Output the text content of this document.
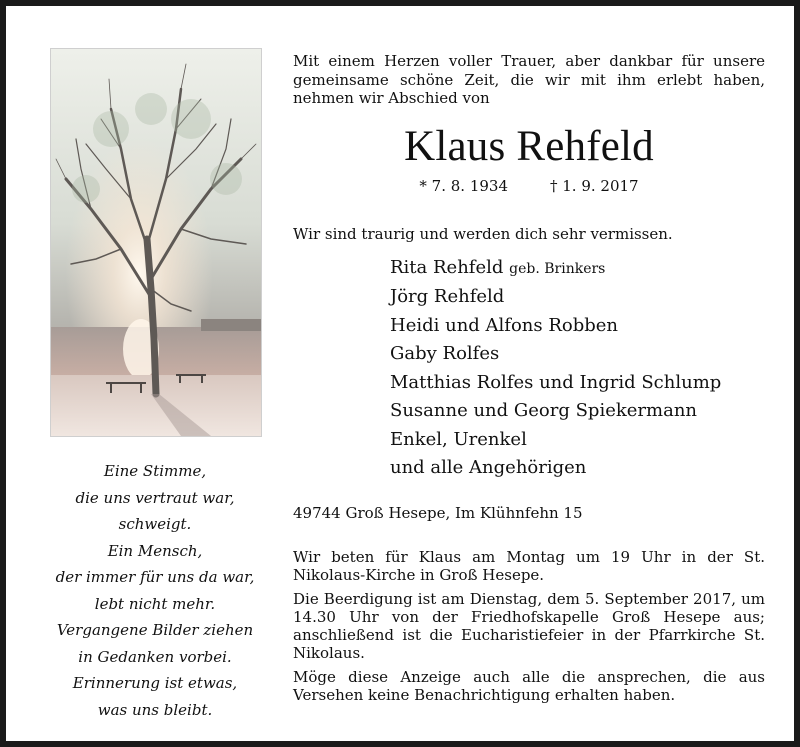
Eine Stimme,
die uns vertraut war,
schweigt.
Ein Mensch,
der immer für uns da war,
lebt nicht mehr.
Vergangene Bilder ziehen
in Gedanken vorbei.
Erinnerung ist etwas,
was uns bleibt.
Mit einem Herzen voller Trauer, aber dankbar für unsere gemeinsame schöne Zeit, die wir mit ihm erlebt haben, nehmen wir Abschied von
Klaus Rehfeld
* 7. 8. 1934	† 1. 9. 2017
Wir sind traurig und werden dich sehr vermissen.
Rita Rehfeld geb. Brinkers
Jörg Rehfeld
Heidi und Alfons Robben
Gaby Rolfes
Matthias Rolfes und Ingrid Schlump
Susanne und Georg Spiekermann
Enkel, Urenkel
und alle Angehörigen
49744 Groß Hesepe, Im Klühnfehn 15
Wir beten für Klaus am Montag um 19 Uhr in der St. Nikolaus-Kirche in Groß Hesepe.
Die Beerdigung ist am Dienstag, dem 5. September 2017, um 14.30 Uhr von der Friedhofskapelle Groß Hesepe aus; anschließend ist die Eucharistiefeier in der Pfarrkirche St. Nikolaus.
Möge diese Anzeige auch alle die ansprechen, die aus Versehen keine Benachrichtigung erhalten haben.
